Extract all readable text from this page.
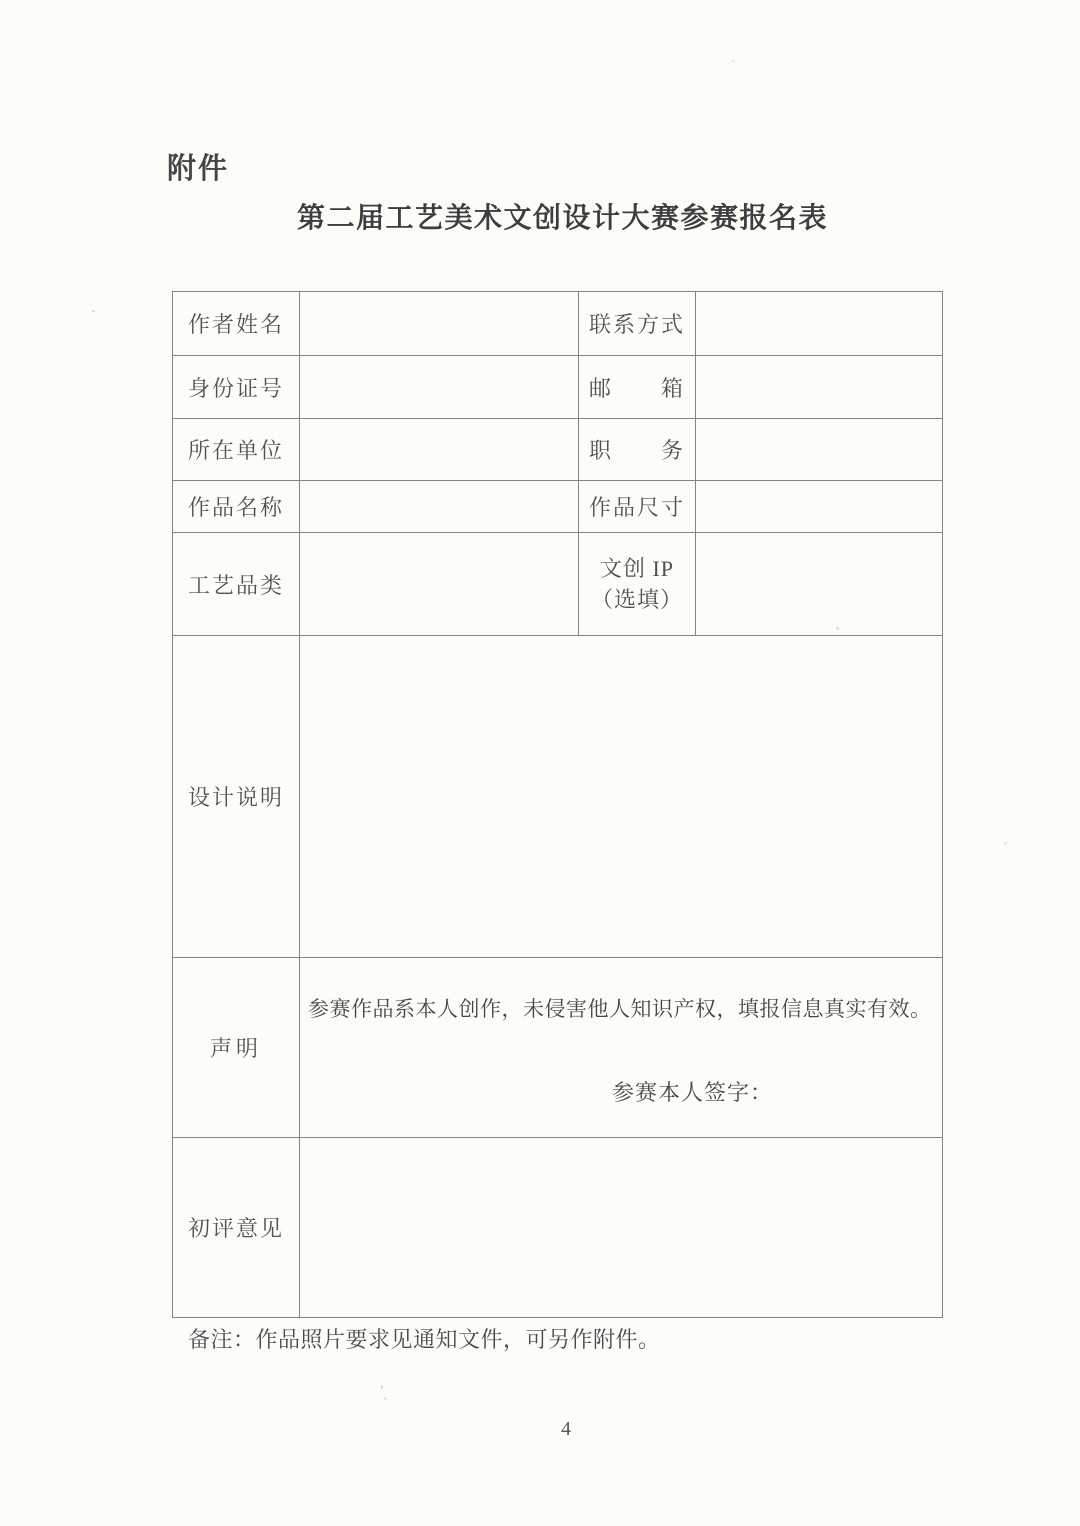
附件
第二届工艺美术文创设计大赛参赛报名表
作者姓名		联系方式	
身份证号		邮　　箱	
所在单位		职　　务	
作品名称		作品尺寸	
工艺品类		文创 IP
（选填）	

设计说明			
声明	参赛作品系本人创作，未侵害他人知识产权，填报信息真实有效。

参赛本人签字：		

初评意见			
备注：作品照片要求见通知文件，可另作附件。
4
